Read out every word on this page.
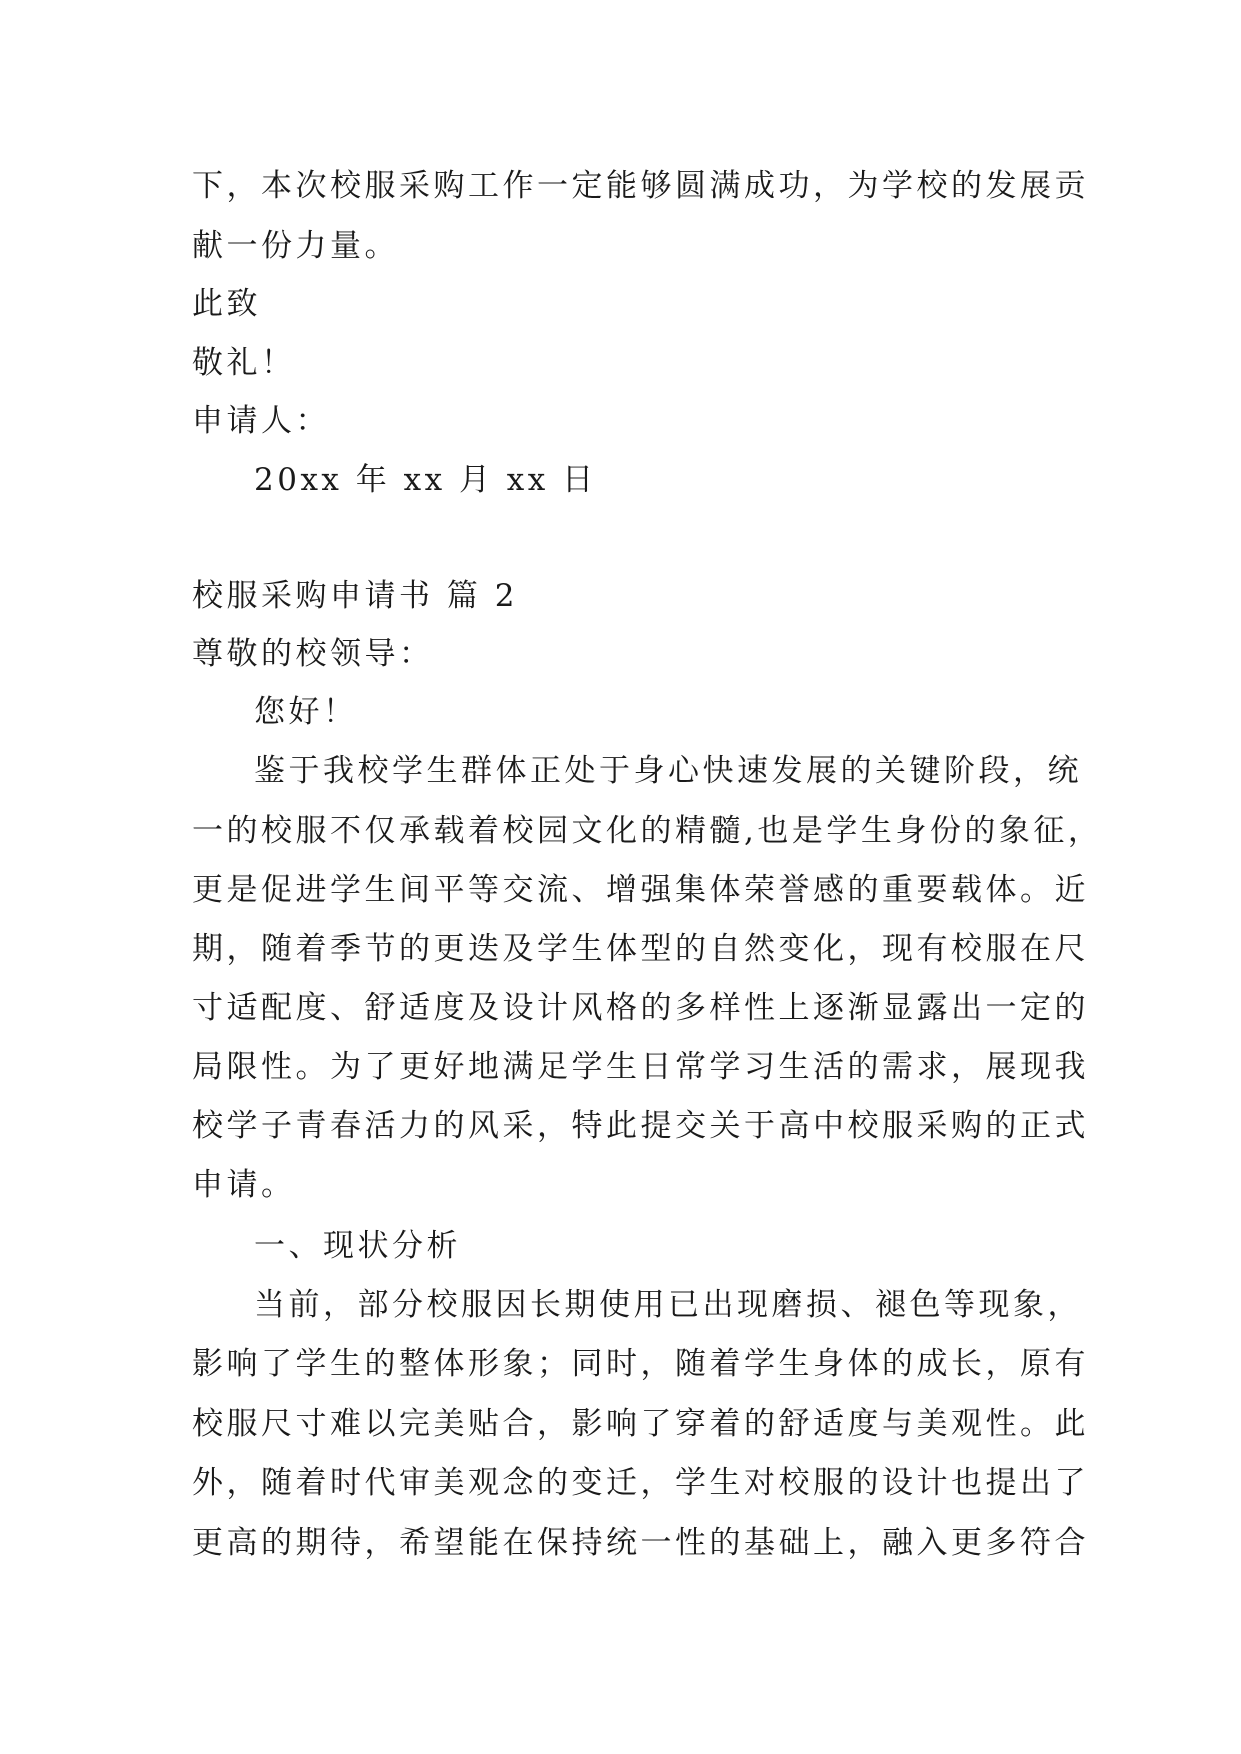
下，本次校服采购工作一定能够圆满成功，为学校的发展贡
献一份力量。
此致
敬礼！
申请人：
20xx 年 xx 月 xx 日
校服采购申请书 篇 2
尊敬的校领导：
您好！
鉴于我校学生群体正处于身心快速发展的关键阶段，统
一的校服不仅承载着校园文化的精髓,也是学生身份的象征，
更是促进学生间平等交流、增强集体荣誉感的重要载体。近
期，随着季节的更迭及学生体型的自然变化，现有校服在尺
寸适配度、舒适度及设计风格的多样性上逐渐显露出一定的
局限性。为了更好地满足学生日常学习生活的需求，展现我
校学子青春活力的风采，特此提交关于高中校服采购的正式
申请。
一、现状分析
当前，部分校服因长期使用已出现磨损、褪色等现象，
影响了学生的整体形象；同时，随着学生身体的成长，原有
校服尺寸难以完美贴合，影响了穿着的舒适度与美观性。此
外，随着时代审美观念的变迁，学生对校服的设计也提出了
更高的期待，希望能在保持统一性的基础上，融入更多符合
